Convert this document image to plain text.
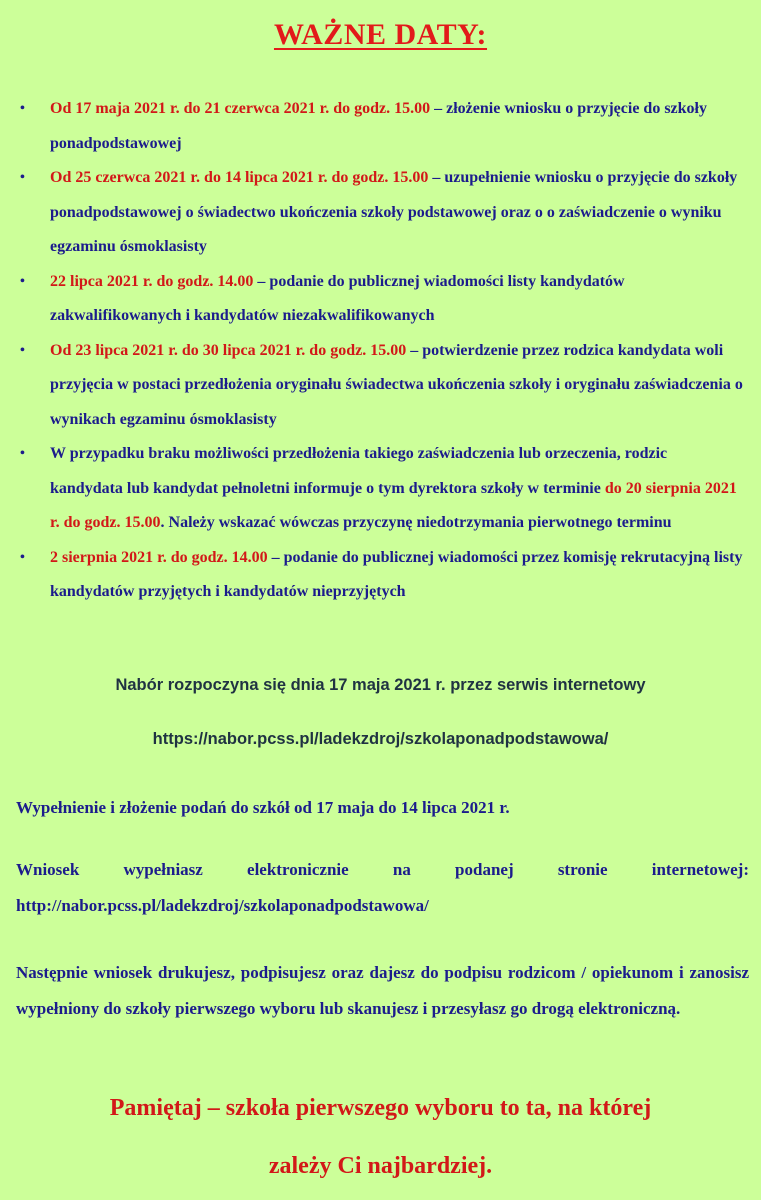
WAŻNE DATY:
• Od 17 maja 2021 r. do 21 czerwca 2021 r. do godz. 15.00 – złożenie wniosku o przyjęcie do szkoły ponadpodstawowej
• Od 25 czerwca 2021 r. do 14 lipca 2021 r. do godz. 15.00 – uzupełnienie wniosku o przyjęcie do szkoły ponadpodstawowej o świadectwo ukończenia szkoły podstawowej oraz o o zaświadczenie o wyniku egzaminu ósmoklasisty
• 22 lipca 2021 r. do godz. 14.00 – podanie do publicznej wiadomości listy kandydatów zakwalifikowanych i kandydatów niezakwalifikowanych
• Od 23 lipca 2021 r. do 30 lipca 2021 r. do godz. 15.00 – potwierdzenie przez rodzica kandydata woli przyjęcia w postaci przedłożenia oryginału świadectwa ukończenia szkoły i oryginału zaświadczenia o wynikach egzaminu ósmoklasisty
• W przypadku braku możliwości przedłożenia takiego zaświadczenia lub orzeczenia, rodzic kandydata lub kandydat pełnoletni informuje o tym dyrektora szkoły w terminie do 20 sierpnia 2021 r. do godz. 15.00. Należy wskazać wówczas przyczynę niedotrzymania pierwotnego terminu
• 2 sierpnia 2021 r. do godz. 14.00 – podanie do publicznej wiadomości przez komisję rekrutacyjną listy kandydatów przyjętych i kandydatów nieprzyjętych
Nabór rozpoczyna się dnia 17 maja 2021 r. przez serwis internetowy
https://nabor.pcss.pl/ladekzdroj/szkolaponadpodstawowa/
Wypełnienie i złożenie podań do szkół od 17 maja do 14 lipca 2021 r.
Wniosek wypełniasz elektronicznie na podanej stronie internetowej: http://nabor.pcss.pl/ladekzdroj/szkolaponadpodstawowa/
Następnie wniosek drukujesz, podpisujesz oraz dajesz do podpisu rodzicom / opiekunom i zanosisz wypełniony do szkoły pierwszego wyboru lub skanujesz i przesyłasz go drogą elektroniczną.
Pamiętaj – szkoła pierwszego wyboru to ta, na której
zależy Ci najbardziej.
